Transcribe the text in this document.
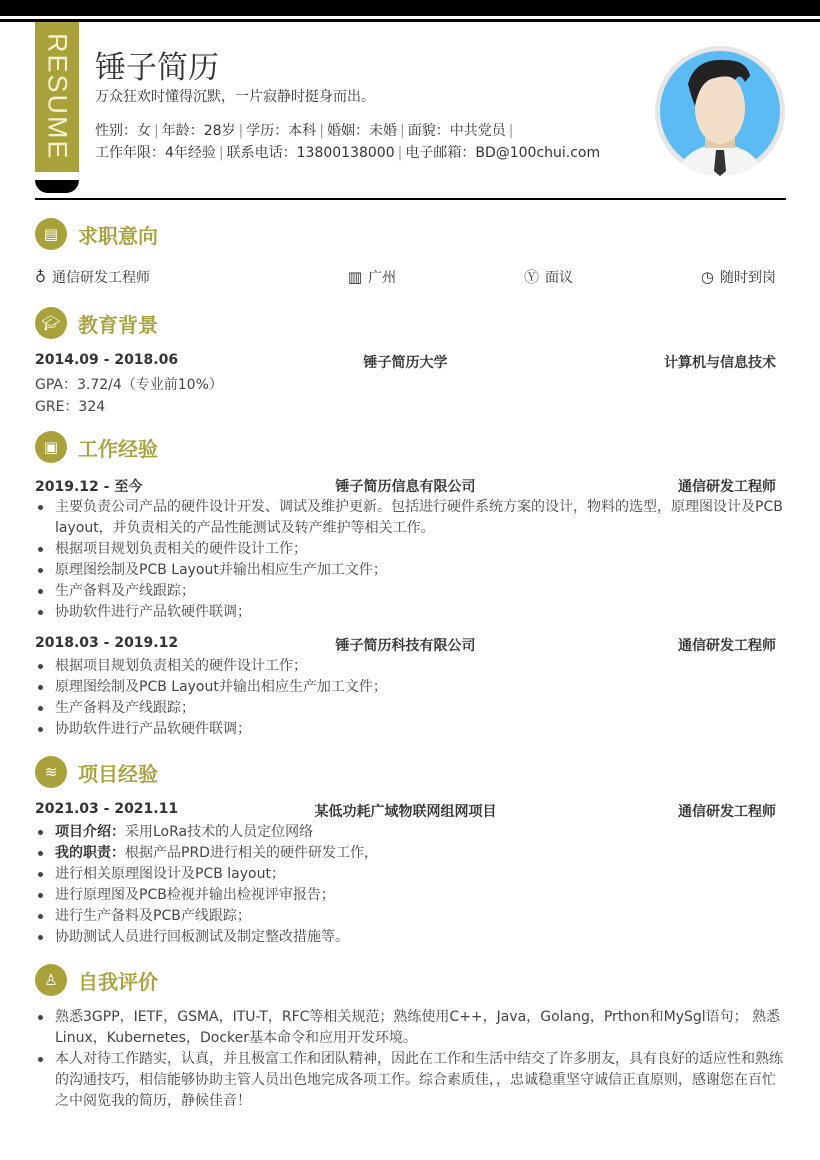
RESUME 锤子简历
万众狂欢时懂得沉默，一片寂静时挺身而出。
性别：女 | 年龄：28岁 | 学历：本科 | 婚姻：未婚 | 面貌：中共党员 |
工作年限：4年经验 | 联系电话：13800138000 | 电子邮箱：BD@100chui.com
▤ 求职意向
♁ 通信研发工程师	▥ 广州	Ⓨ 面议	◷ 随时到岗
🎓︎ 教育背景
2014.09 - 2018.06	锤子简历大学	计算机与信息技术
GPA：3.72/4（专业前10%）
GRE：324
▣ 工作经验
2019.12 - 至今	锤子简历信息有限公司	通信研发工程师
主要负责公司产品的硬件设计开发、调试及维护更新。包括进行硬件系统方案的设计，物料的选型，原理图设计及PCB layout，并负责相关的产品性能测试及转产维护等相关工作。
根据项目规划负责相关的硬件设计工作；
原理图绘制及PCB Layout并输出相应生产加工文件；
生产备料及产线跟踪；
协助软件进行产品软硬件联调；
2018.03 - 2019.12	锤子简历科技有限公司	通信研发工程师
根据项目规划负责相关的硬件设计工作；
原理图绘制及PCB Layout并输出相应生产加工文件；
生产备料及产线跟踪；
协助软件进行产品软硬件联调；
≋	项目经验
2021.03 - 2021.11	某低功耗广域物联网组网项目	通信研发工程师
项目介绍：采用LoRa技术的人员定位网络
我的职责：根据产品PRD进行相关的硬件研发工作，
进行相关原理图设计及PCB layout；
进行原理图及PCB检视并输出检视评审报告；
进行生产备料及PCB产线跟踪；
协助测试人员进行回板测试及制定整改措施等。
♙	自我评价
熟悉3GPP，IETF，GSMA，ITU-T，RFC等相关规范；熟练使用C++，Java，Golang，Prthon和MySgl语句； 熟悉Linux，Kubernetes，Docker基本命令和应用开发环境。
本人对待工作踏实，认真，并且极富工作和团队精神，因此在工作和生活中结交了许多朋友，具有良好的适应性和熟练的沟通技巧，相信能够协助主管人员出色地完成各项工作。综合素质佳，，忠诚稳重坚守诚信正直原则，感谢您在百忙之中阅览我的简历，静候佳音！
